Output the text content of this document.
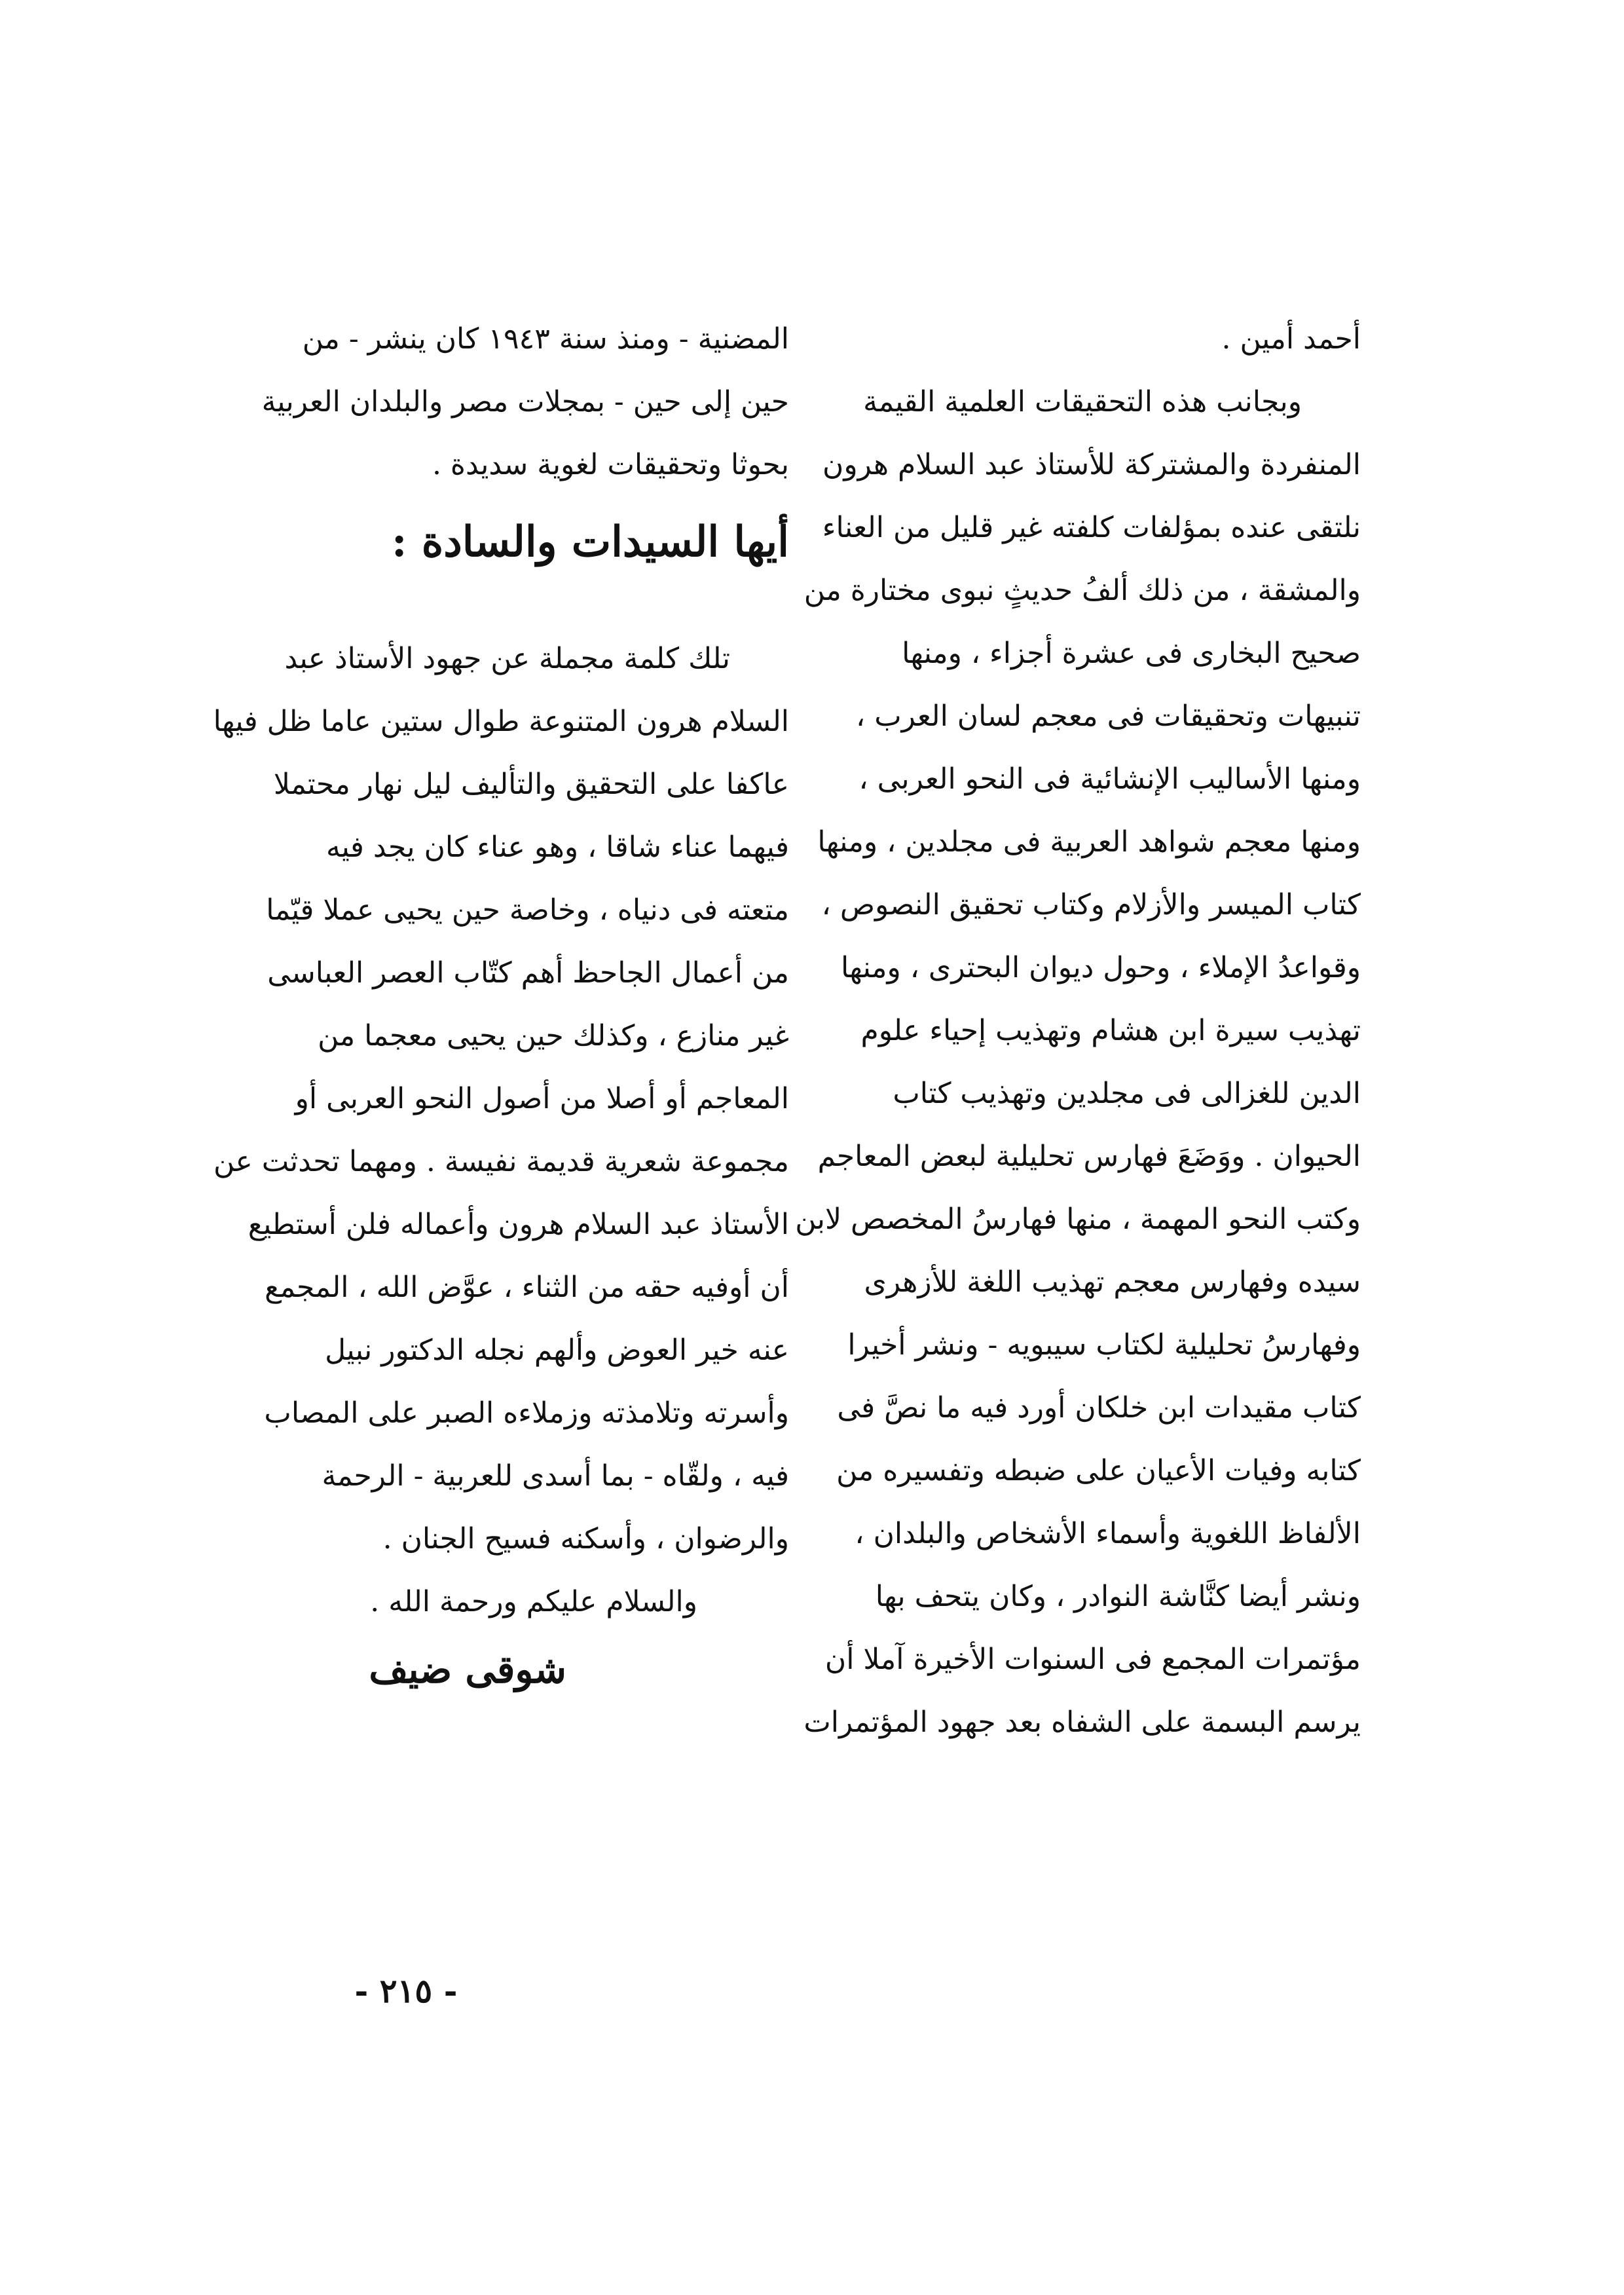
أحمد أمين .
وبجانب هذه التحقيقات العلمية القيمة
المنفردة والمشتركة للأستاذ عبد السلام هرون
نلتقى عنده بمؤلفات كلفته غير قليل من العناء
والمشقة ، من ذلك ألفُ حديثٍ نبوى مختارة من
صحيح البخارى فى عشرة أجزاء ، ومنها
تنبيهات وتحقيقات فى معجم لسان العرب ،
ومنها الأساليب الإنشائية فى النحو العربى ،
ومنها معجم شواهد العربية فى مجلدين ، ومنها
كتاب الميسر والأزلام وكتاب تحقيق النصوص ،
وقواعدُ الإملاء ، وحول ديوان البحترى ، ومنها
تهذيب سيرة ابن هشام وتهذيب إحياء علوم
الدين للغزالى فى مجلدين وتهذيب كتاب
الحيوان . ووَضَعَ فهارس تحليلية لبعض المعاجم
وكتب النحو المهمة ، منها فهارسُ المخصص لابن
سيده وفهارس معجم تهذيب اللغة للأزهرى
وفهارسُ تحليلية لكتاب سيبويه - ونشر أخيرا
كتاب مقيدات ابن خلكان أورد فيه ما نصَّ فى
كتابه وفيات الأعيان على ضبطه وتفسيره من
الألفاظ اللغوية وأسماء الأشخاص والبلدان ،
ونشر أيضا كنَّاشة النوادر ، وكان يتحف بها
مؤتمرات المجمع فى السنوات الأخيرة آملا أن
يرسم البسمة على الشفاه بعد جهود المؤتمرات
المضنية - ومنذ سنة ١٩٤٣ كان ينشر - من
حين إلى حين - بمجلات مصر والبلدان العربية
بحوثا وتحقيقات لغوية سديدة .
أيها السيدات والسادة :
تلك كلمة مجملة عن جهود الأستاذ عبد
السلام هرون المتنوعة طوال ستين عاما ظل فيها
عاكفا على التحقيق والتأليف ليل نهار محتملا
فيهما عناء شاقا ، وهو عناء كان يجد فيه
متعته فى دنياه ، وخاصة حين يحيى عملا قيّما
من أعمال الجاحظ أهم كتّاب العصر العباسى
غير منازع ، وكذلك حين يحيى معجما من
المعاجم أو أصلا من أصول النحو العربى أو
مجموعة شعرية قديمة نفيسة . ومهما تحدثت عن
الأستاذ عبد السلام هرون وأعماله فلن أستطيع
أن أوفيه حقه من الثناء ، عوَّض الله ، المجمع
عنه خير العوض وألهم نجله الدكتور نبيل
وأسرته وتلامذته وزملاءه الصبر على المصاب
فيه ، ولقّاه - بما أسدى للعربية - الرحمة
والرضوان ، وأسكنه فسيح الجنان .
والسلام عليكم ورحمة الله .
شوقى ضيف
- ٢١٥ -
